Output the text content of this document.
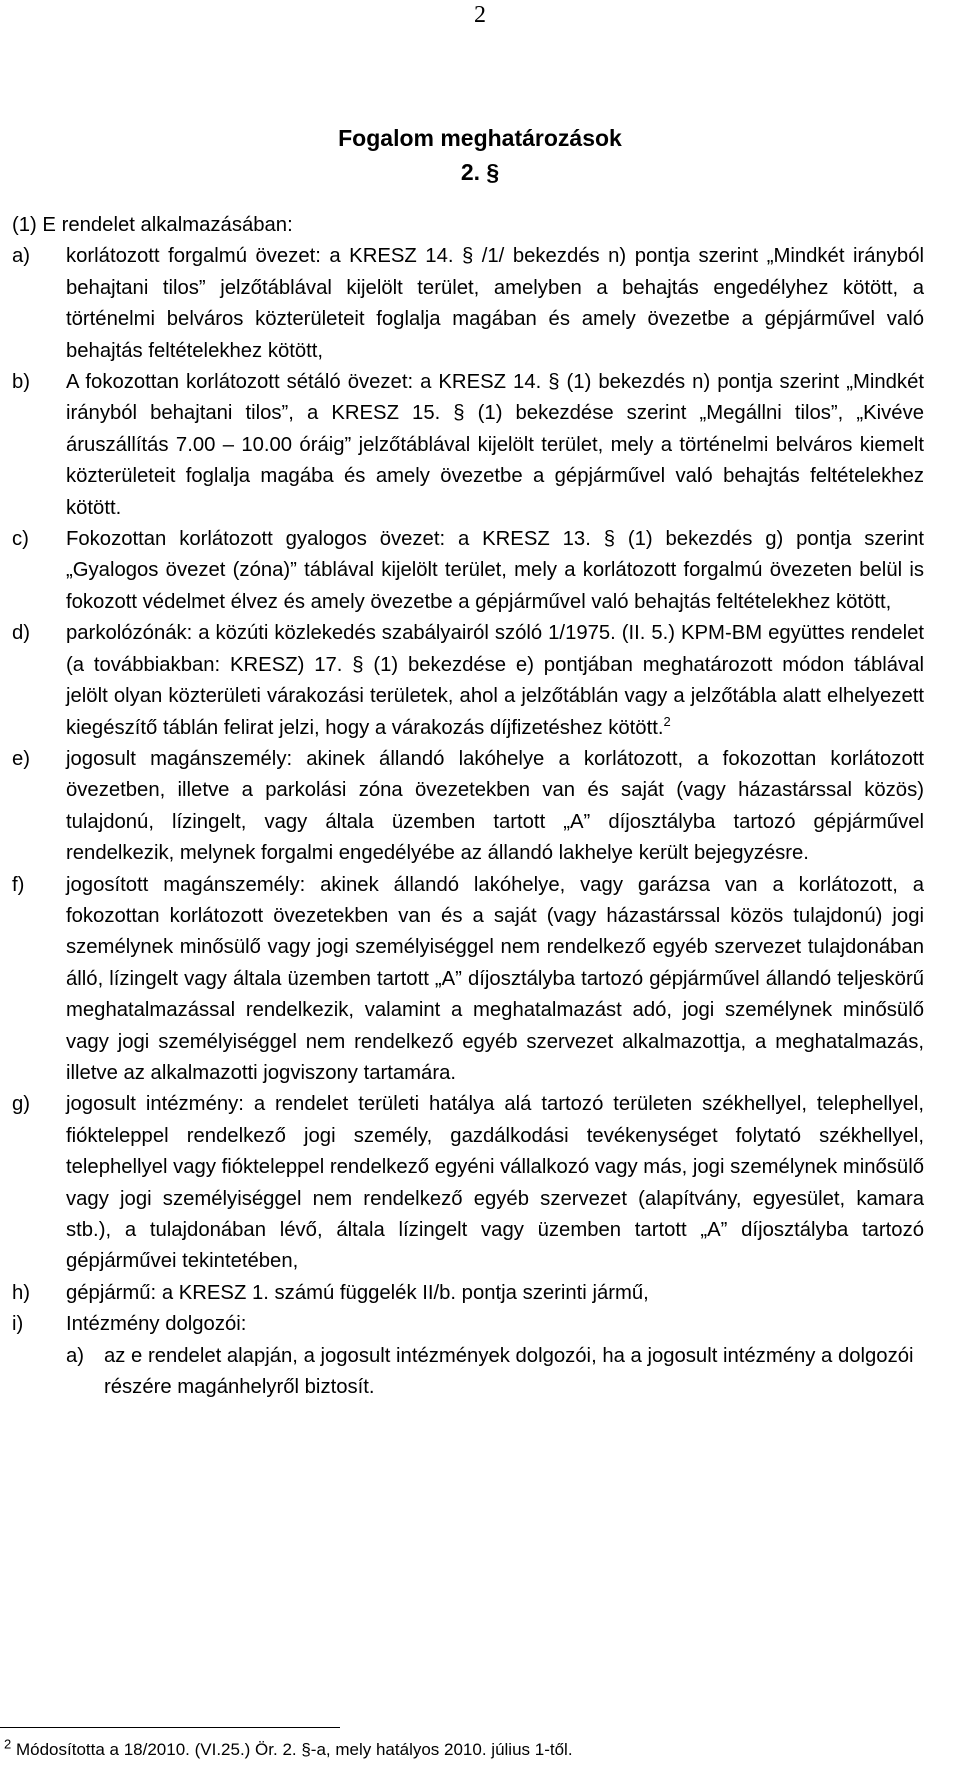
2
Fogalom meghatározások
2. §

(1) E rendelet alkalmazásában:

a) korlátozott forgalmú övezet: a KRESZ 14. § /1/ bekezdés n) pontja szerint „Mindkét irányból behajtani tilos” jelzőtáblával kijelölt terület, amelyben a behajtás engedélyhez kötött, a történelmi belváros közterületeit foglalja magában és amely övezetbe a gépjárművel való behajtás feltételekhez kötött,
b) A fokozottan korlátozott sétáló övezet: a KRESZ 14. § (1) bekezdés n) pontja szerint „Mindkét irányból behajtani tilos”, a KRESZ 15. § (1) bekezdése szerint „Megállni tilos”, „Kivéve áruszállítás 7.00 – 10.00 óráig” jelzőtáblával kijelölt terület, mely a történelmi belváros kiemelt közterületeit foglalja magába és amely övezetbe a gépjárművel való behajtás feltételekhez kötött.
c) Fokozottan korlátozott gyalogos övezet: a KRESZ 13. § (1) bekezdés g) pontja szerint „Gyalogos övezet (zóna)” táblával kijelölt terület, mely a korlátozott forgalmú övezeten belül is fokozott védelmet élvez és amely övezetbe a gépjárművel való behajtás feltételekhez kötött,
d) parkolózónák: a közúti közlekedés szabályairól szóló 1/1975. (II. 5.) KPM-BM együttes rendelet (a továbbiakban: KRESZ) 17. § (1) bekezdése e) pontjában meghatározott módon táblával jelölt olyan közterületi várakozási területek, ahol a jelzőtáblán vagy a jelzőtábla alatt elhelyezett kiegészítő táblán felirat jelzi, hogy a várakozás díjfizetéshez kötött.$^2$
e) jogosult magánszemély: akinek állandó lakóhelye a korlátozott, a fokozottan korlátozott övezetben, illetve a parkolási zóna övezetekben van és saját (vagy házastárssal közös) tulajdonú, lízingelt, vagy általa üzemben tartott „A” díjosztályba tartozó gépjárművel rendelkezik, melynek forgalmi engedélyébe az állandó lakhelye került bejegyzésre.
f) jogosított magánszemély: akinek állandó lakóhelye, vagy garázsa van a korlátozott, a fokozottan korlátozott övezetekben van és a saját (vagy házastárssal közös tulajdonú) jogi személynek minősülő vagy jogi személyiséggel nem rendelkező egyéb szervezet tulajdonában álló, lízingelt vagy általa üzemben tartott „A” díjosztályba tartozó gépjárművel állandó teljeskörű meghatalmazással rendelkezik, valamint a meghatalmazást adó, jogi személynek minősülő vagy jogi személyiséggel nem rendelkező egyéb szervezet alkalmazottja, a meghatalmazás, illetve az alkalmazotti jogviszony tartamára.
g) jogosult intézmény: a rendelet területi hatálya alá tartozó területen székhellyel, telephellyel, fióktelеppel rendelkező jogi személy, gazdálkodási tevékenységet folytató székhellyel, telephellyel vagy fiókteleppel rendelkező egyéni vállalkozó vagy más, jogi személynek minősülő vagy jogi személyiséggel nem rendelkező egyéb szervezet (alapítvány, egyesület, kamara stb.), a tulajdonában lévő, általa lízingelt vagy üzemben tartott „A” díjosztályba tartozó gépjárművei tekintetében,
h) gépjármű: a KRESZ 1. számú függelék II/b. pontja szerinti jármű,
i) Intézmény dolgozói:
a) az e rendelet alapján, a jogosult intézmények dolgozói, ha a jogosult intézmény a dolgozói részére magánhelyről biztosít.
$^2$ Módosította a 18/2010. (VI.25.) Ör. 2. §-a, mely hatályos 2010. július 1-től.
